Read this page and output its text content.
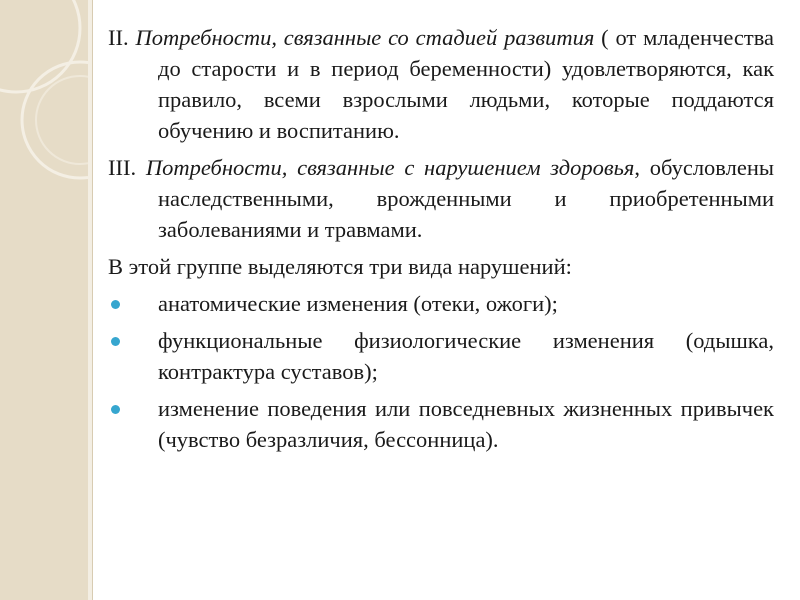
II. Потребности, связанные со стадией развития ( от младенчества до старости и в период беременности) удовлетворяются, как правило, всеми взрослыми людьми, которые поддаются обучению и воспитанию.

III. Потребности, связанные с нарушением здоровья, обусловлены наследственными, врожденными и приобретенными заболеваниями и травмами.

В этой группе выделяются три вида нарушений:

анатомические изменения (отеки, ожоги);
функциональные физиологические изменения (одышка, контрактура суставов);
изменение поведения или повседневных жизненных привычек (чувство безразличия, бессонница).
